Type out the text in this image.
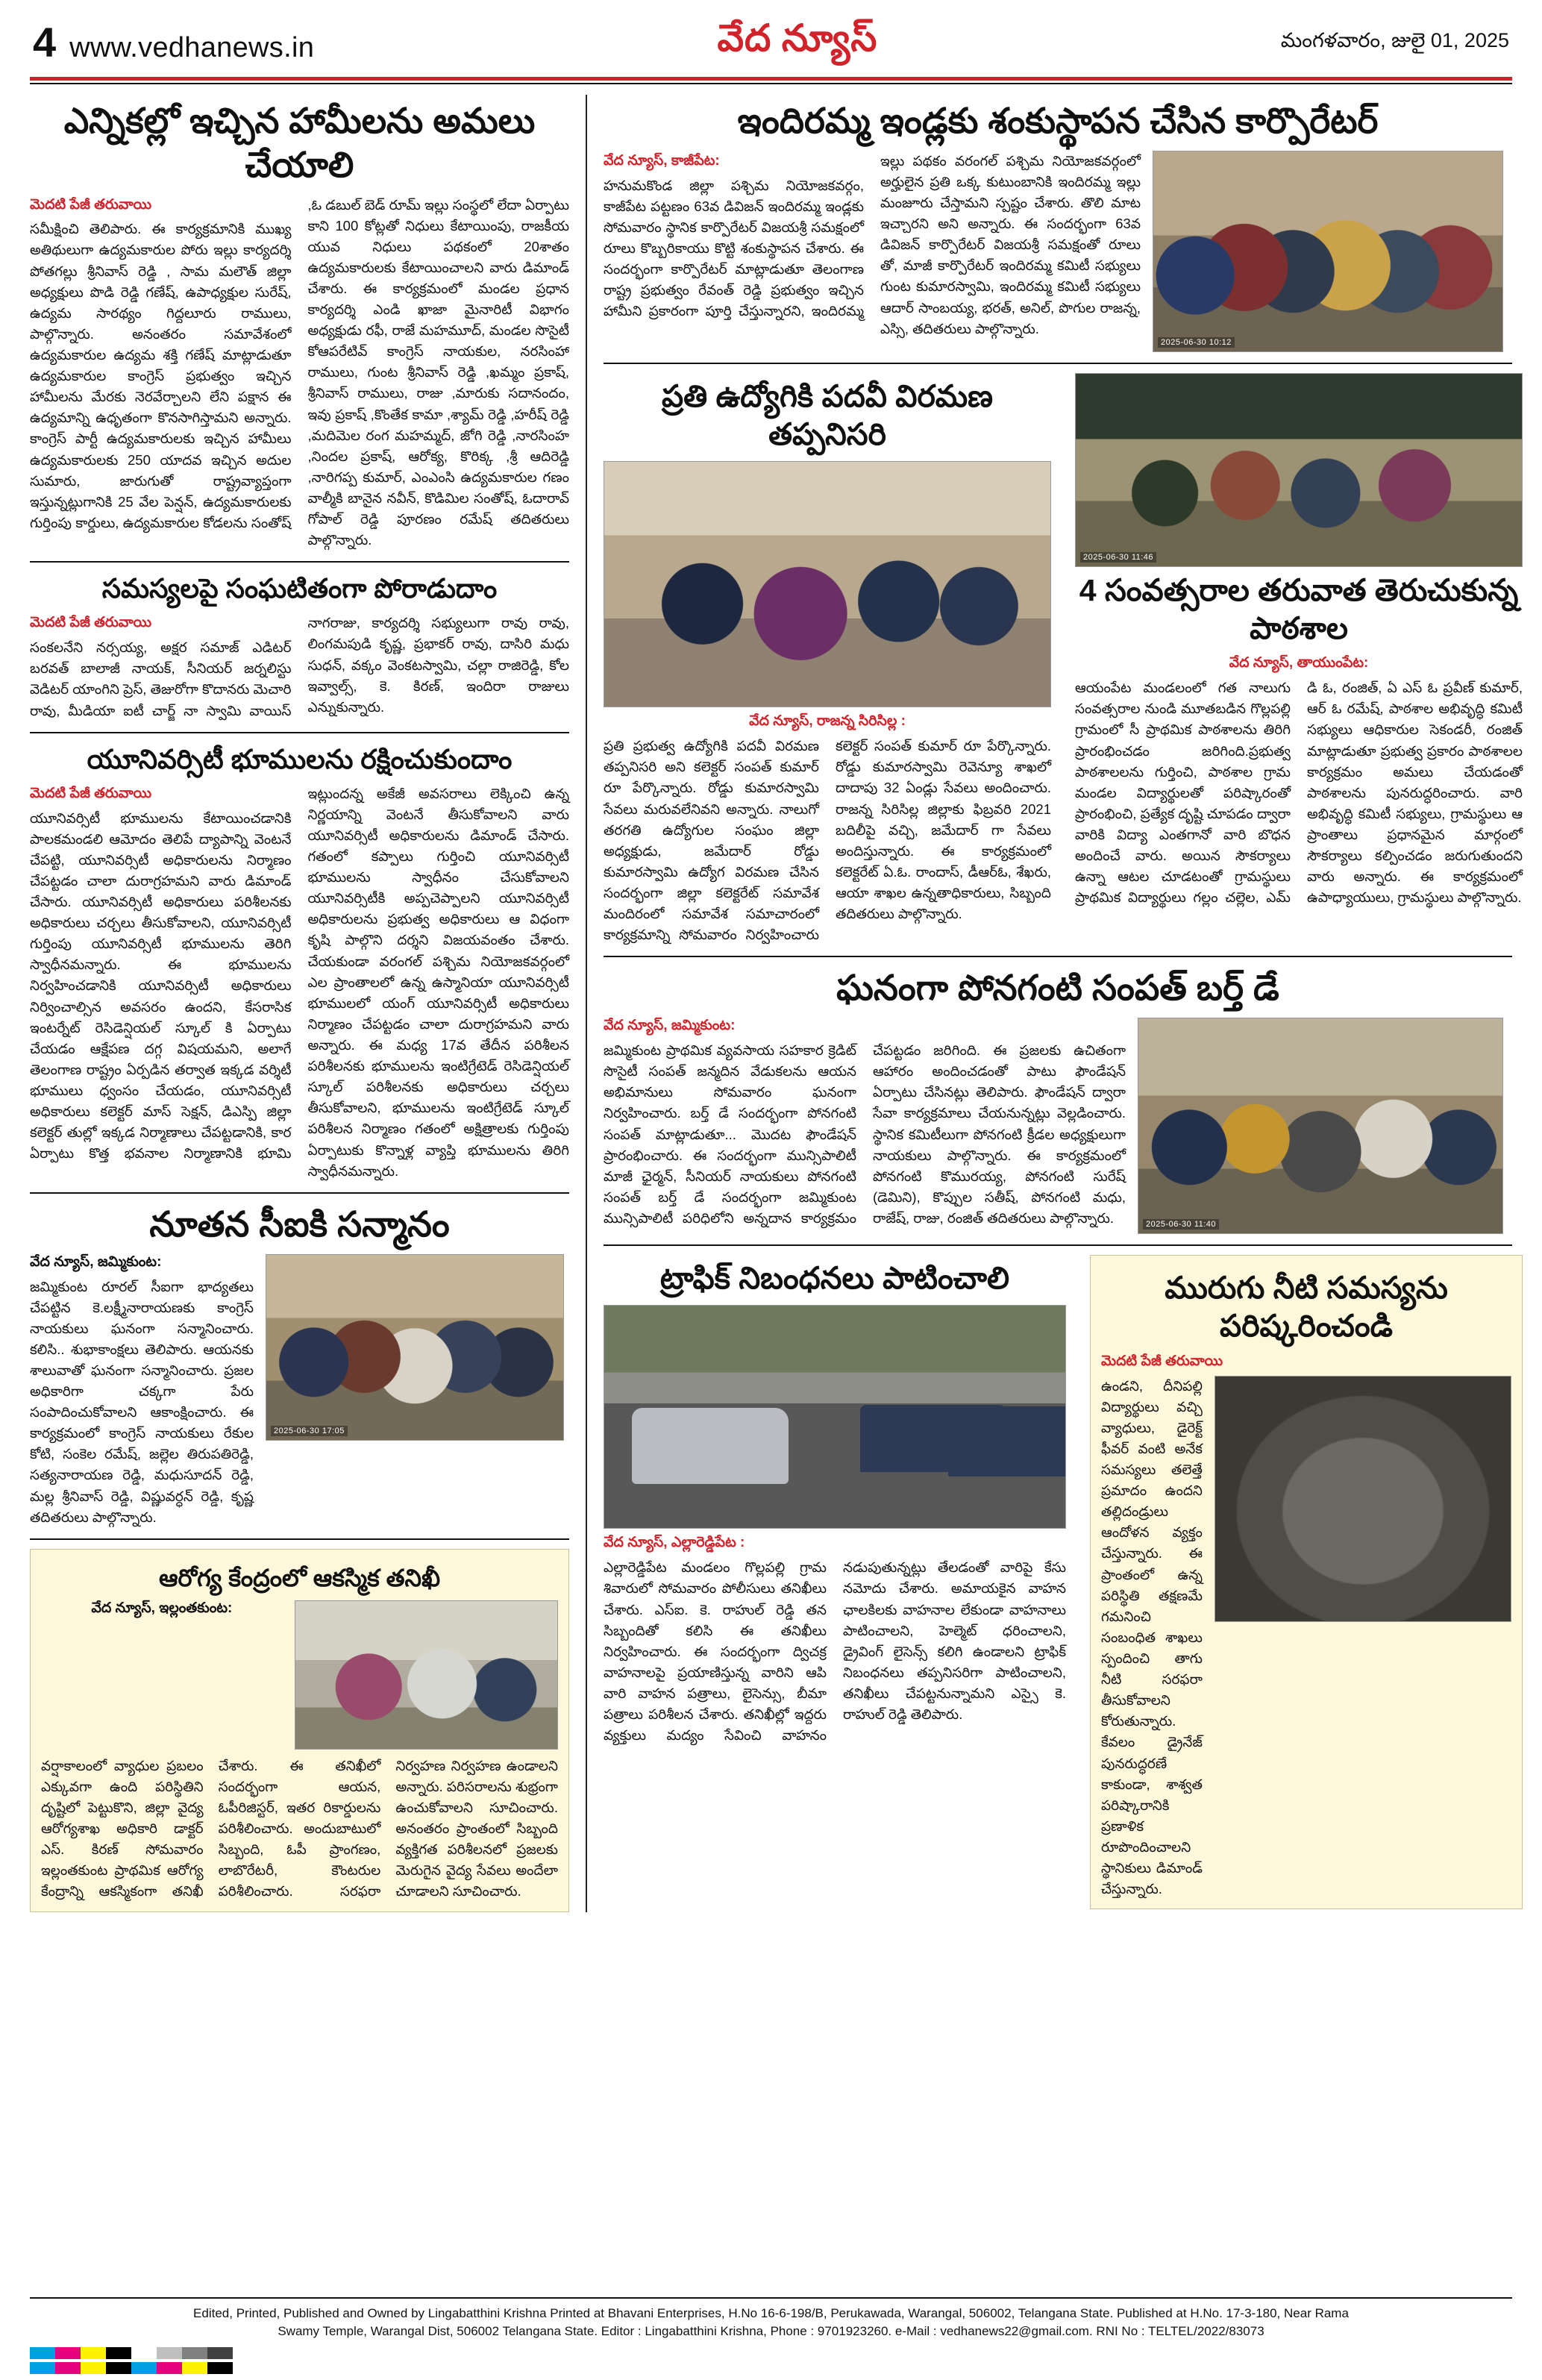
4 www.vedhanews.in	వేద న్యూస్	మంగళవారం, జులై 01, 2025
ఎన్నికల్లో ఇచ్చిన హామీలను అమలు చేయాలి
మెదటి పేజీ తరువాయి
సమీక్షించి తెలిపారు. ఈ కార్యక్రమానికి ముఖ్య అతిథులుగా ఉద్యమకారుల పోరు ఇల్లు కార్యదర్శి పోతగల్లు శ్రీనివాస్ రెడ్డి , సామ మలౌత్ జిల్లా అధ్యక్షులు పొడి రెడ్డి గణేష్, ఉపాధ్యక్షుల సురేష్, ఉద్యమ సారథ్యం గిద్దలూరు రాములు, పాల్గొన్నారు. అనంతరం సమావేశంలో ఉద్యమకారుల ఉద్యమ శక్తి గణేష్ మాట్లాడుతూ ఉద్యమకారుల కాంగ్రెస్ ప్రభుత్వం ఇచ్చిన హామీలను మేరకు నెరవేర్చాలని లేని పక్షాన ఈ ఉద్యమాన్ని ఉధృతంగా కొనసాగిస్తామని అన్నారు. కాంగ్రెస్ పార్టీ ఉద్యమకారులకు ఇచ్చిన హామీలు ఉద్యమకారులకు 250 యాదవ ఇచ్చిన అదుల సుమారు, జారుగుతో రాష్ట్రవ్యాప్తంగా ఇస్తున్నట్లుగానికి 25 వేల పెన్షన్, ఉద్యమకారులకు గుర్తింపు కార్డులు, ఉద్యమకారుల కోడలను సంతోష్ ,ఓ డబుల్ బెడ్ రూమ్ ఇల్లు సంస్థలో లేదా ఏర్పాటు కాని 100 కోట్లతో నిధులు కేటాయింపు, రాజకీయ యువ నిధులు పథకంలో 20శాతం ఉద్యమకారులకు కేటాయించాలని వారు డిమాండ్ చేశారు. ఈ కార్యక్రమంలో మండల ప్రధాన కార్యదర్శి ఎండి ఖాజా మైనారిటీ విభాగం అధ్యక్షుడు రఫీ, రాజే మహమూద్, మండల సొసైటీ కోఆపరేటివ్ కాంగ్రెస్ నాయకుల, నరసింహా రాములు, గుంట శ్రీనివాస్ రెడ్డి ,ఖమ్మం ప్రకాష్, శ్రీనివాస్ రాములు, రాజు ,మారుకు సదానందం, ఇవు ప్రకాష్ ,కొంతేక కామా ,శ్యామ్ రెడ్డి ,హరీష్ రెడ్డి ,మదిమెల రంగ మహమ్మద్, జోగి రెడ్డి ,నారసింహ ,నిందల ప్రకాష్, ఆరోక్య, కొరిక్క ,శ్రీ ఆదిరెడ్డి ,నారిగప్ప కుమార్, ఎంఎంసి ఉద్యమకారుల గణం వాల్మీకి బానైన నవీన్, కొడిమిల సంతోష్, ఓదారావ్ గోపాల్ రెడ్డి పూరణం రమేష్ తదితరులు పాల్గొన్నారు.
సమస్యలపై సంఘటితంగా పోరాడుదాం
మెదటి పేజీ తరువాయి
సంకలనేని నర్సయ్య, అక్షర సమాజ్ ఎడిటర్ బరవత్ బాలాజీ నాయక్, సీనియర్ జర్నలిస్టు వెడిటర్ యాంగిని ప్రెస్, తెజురోగా కొదానరు మెచారి రావు, మీడియా ఐటీ చార్జ్ నా స్వామి వాయిస్ నాగరాజు, కార్యదర్శి సభ్యులుగా రావు రావు, లింగమపుడి కృష్ణ, ప్రభాకర్ రావు, దాసిరి మధు సుధన్, వక్కం వెంకటస్వామి, చల్లా రాజిరెడ్డి, కోల ఇవ్వాల్స్, కె. కిరణ్, ఇందిరా రాజులు ఎన్నుకున్నారు.
యూనివర్సిటీ భూములను రక్షించుకుందాం
మెదటి పేజీ తరువాయి
యూనివర్సిటీ భూములను కేటాయించడానికి పాలకమండలి ఆమోదం తెలిపే ద్యాపాన్ని వెంటనే చేపట్టి, యూనివర్సిటీ అధికారులను నిర్మాణం చేపట్టడం చాలా దురాగ్రహమని వారు డిమాండ్ చేసారు. యూనివర్సిటీ అధికారులు పరిశీలనకు అధికారులు చర్చలు తీసుకోవాలని, యూనివర్సిటీ గుర్తింపు యూనివర్సిటీ భూములను తెరిగి స్వాధీనమన్నారు. ఈ భూములను నిర్వహించడానికి యూనివర్సిటీ అధికారులు నిర్వించాల్సిన అవసరం ఉందని, కేసరాసిక ఇంటర్నేట్ రెసిడెన్షియల్ స్కూల్ కి ఏర్పాటు చేయడం ఆక్షేపణ దగ్గ విషయమని, అలాగే తెలంగాణ రాష్ట్రం ఏర్పడిన తర్వాత ఇక్కడ వర్శిటీ భూములు ధ్వంసం చేయడం, యూనివర్సిటీ అధికారులు కలెక్టర్ మాస్ సెక్షన్, డిఎస్పి జిల్లా కలెక్టర్ తుల్లో ఇక్కడ నిర్మాణాలు చేపట్టడానికి, కార ఏర్పాటు కొత్త భవనాల నిర్మాణానికి భూమి ఇట్లుందన్న అకేజీ అవసరాలు లెక్కించి ఉన్న నిర్ణయాన్ని వెంటనే తీసుకోవాలని వారు యూనివర్సిటీ అధికారులను డిమాండ్ చేసారు. గతంలో కప్పాలు గుర్తించి యూనివర్సిటీ భూములను స్వాధీనం చేసుకోవాలని యూనివర్సిటీకి అప్పచెప్పాలని యూనివర్సిటీ అధికారులను ప్రభుత్వ అధికారులు ఆ విధంగా కృషి పాల్గొని దర్శని విజయవంతం చేశారు. చేయకుండా వరంగల్ పశ్చిమ నియోజకవర్గంలో ఎల ప్రాంతాలలో ఉన్న ఉస్మానియా యూనివర్సిటీ భూములలో యంగ్ యూనివర్సిటీ అధికారులు నిర్మాణం చేపట్టడం చాలా దురాగ్రహమని వారు అన్నారు. ఈ మధ్య 17వ తేదీన పరిశీలన పరిశీలనకు భూములను ఇంటిగ్రేటెడ్ రెసిడెన్షియల్ స్కూల్ పరిశీలనకు అధికారులు చర్చలు తీసుకోవాలని, భూములను ఇంటిగ్రేటెడ్ స్కూల్ పరిశీలన నిర్మాణం గతంలో అక్షిత్రాలకు గుర్తింపు ఏర్పాటుకు కొన్నాళ్ల వ్యాప్తి భూములను తిరిగి స్వాధీనమన్నారు.
నూతన సీఐకి సన్మానం
వేద న్యూస్, జమ్మికుంట:
జమ్మికుంట రూరల్ సీఐగా భాద్యతలు చేపట్టిన కె.లక్ష్మీనారాయణకు కాంగ్రెస్ నాయకులు ఘనంగా సన్మానించారు. కలిసి.. శుభాకాంక్షలు తెలిపారు. ఆయనకు శాలువాతో ఘనంగా సన్మానించారు. ప్రజల అధికారిగా చక్కగా పేరు సంపాదించుకోవాలని ఆకాంక్షించారు. ఈ కార్యక్రమంలో కాంగ్రెస్ నాయకులు రేకుల కోటి, సంకెల రమేష్, జల్లెల తిరుపతిరెడ్డి, సత్యనారాయణ రెడ్డి, మధుసూదన్ రెడ్డి, మల్ల శ్రీనివాస్ రెడ్డి, విష్ణువర్ధన్ రెడ్డి, కృష్ణ తదితరులు పాల్గొన్నారు.
2025-06-30 17:05
ఆరోగ్య కేంద్రంలో ఆకస్మిక తనిఖీ
వేద న్యూస్, ఇల్లంతకుంట:
వర్షాకాలంలో వ్యాధుల ప్రబలం ఎక్కువగా ఉంది పరిస్థితిని దృష్టిలో పెట్టుకొని, జిల్లా వైద్య ఆరోగ్యశాఖ అధికారి డాక్టర్ ఎస్. కిరణ్ సోమవారం ఇల్లంతకుంట ప్రాథమిక ఆరోగ్య కేంద్రాన్ని ఆకస్మికంగా తనిఖీ చేశారు. ఈ తనిఖీలో సందర్భంగా ఆయన, ఓపీరిజిస్టర్, ఇతర రికార్డులను పరిశీలించారు. అందుబాటులో సిబ్బంది, ఓపీ ప్రాంగణం, లాబొరేటరీ, కౌంటరుల పరిశీలించారు. సరఫరా నిర్వహణ నిర్వహణ ఉండాలని అన్నారు. పరిసరాలను శుభ్రంగా ఉంచుకోవాలని సూచించారు. అనంతరం ప్రాంతంలో సిబ్బంది వ్యక్తిగత పరిశీలనలో ప్రజలకు మెరుగైన వైద్య సేవలు అందేలా చూడాలని సూచించారు.
ఇందిరమ్మ ఇండ్లకు శంకుస్థాపన చేసిన కార్పొరేటర్
వేద న్యూస్, కాజీపేట:
హనుమకొండ జిల్లా పశ్చిమ నియోజకవర్గం, కాజీపేట పట్టణం 63వ డివిజన్ ఇందిరమ్మ ఇండ్లకు సోమవారం స్థానిక కార్పొరేటర్ విజయశ్రీ సమక్షంలో రూలు కొబ్బరికాయు కొట్టి శంకుస్థాపన చేశారు. ఈ సందర్భంగా కార్పొరేటర్ మాట్లాడుతూ తెలంగాణ రాష్ట్ర ప్రభుత్వం రేవంత్ రెడ్డి ప్రభుత్వం ఇచ్చిన హామీని ప్రకారంగా పూర్తి చేస్తున్నారని, ఇందిరమ్మ ఇల్లు పథకం వరంగల్ పశ్చిమ నియోజకవర్గంలో అర్హులైన ప్రతి ఒక్క కుటుంబానికి ఇందిరమ్మ ఇల్లు మంజూరు చేస్తామని స్పష్టం చేశారు. తొలి మాట ఇచ్చారని అని అన్నారు. ఈ సందర్భంగా 63వ డివిజన్ కార్పొరేటర్ విజయశ్రీ సమక్షంతో రూలు తో, మాజీ కార్పొరేటర్ ఇందిరమ్మ కమిటీ సభ్యులు గుంట కుమారస్వామి, ఇందిరమ్మ కమిటీ సభ్యులు ఆదార్ సాంబయ్య, భరత్, అనిల్, పొగుల రాజన్న, ఎస్సి, తదితరులు పాల్గొన్నారు.
2025-06-30 10:12
ప్రతి ఉద్యోగికి పదవీ విరమణ తప్పనిసరి
వేద న్యూస్, రాజన్న సిరిసిల్ల :
ప్రతి ప్రభుత్వ ఉద్యోగికి పదవీ విరమణ తప్పనిసరి అని కలెక్టర్ సంపత్ కుమార్ రూ పేర్కొన్నారు. రోడ్డు కుమారస్వామి సేవలు మరువలేనివని అన్నారు. నాలుగో తరగతి ఉద్యోగుల సంఘం జిల్లా అధ్యక్షుడు, జమేదార్ రోడ్డు కుమారస్వామి ఉద్యోగ విరమణ చేసిన సందర్భంగా జిల్లా కలెక్టరేట్ సమావేశ మందిరంలో సమావేశ సమాచారంలో కార్యక్రమాన్ని సోమవారం నిర్వహించారు కలెక్టర్ సంపత్ కుమార్ రూ పేర్కొన్నారు. రోడ్డు కుమారస్వామి రెవెన్యూ శాఖలో దాదాపు 32 ఏండ్లు సేవలు అందించారు. రాజన్న సిరిసిల్ల జిల్లాకు ఫిబ్రవరి 2021 బదిలీపై వచ్చి, జమేదార్ గా సేవలు అందిస్తున్నారు. ఈ కార్యక్రమంలో కలెక్టరేట్ ఏ.ఓ. రాందాస్, డీఆర్ఓ, శేఖరు, ఆయా శాఖల ఉన్నతాధికారులు, సిబ్బంది తదితరులు పాల్గొన్నారు.
2025-06-30 11:46
4 సంవత్సరాల తరువాత తెరుచుకున్న పాఠశాల
వేద న్యూస్, తాయుంపేట:
ఆయంపేట మండలంలో గత నాలుగు సంవత్సరాల నుండి మూతబడిన గొల్లపల్లి గ్రామంలో సీ ప్రాథమిక పాఠశాలను తిరిగి ప్రారంభించడం జరిగింది.ప్రభుత్వ పాఠశాలలను గుర్తించి, పాఠశాల గ్రామ మండల విద్యార్థులతో పరిష్కారంతో ప్రారంభించి, ప్రత్యేక దృష్టి చూపడం ద్వారా వారికి విద్యా ఎంతగానో వారి బొధన అందించే వారు. అయిన సౌకర్యాలు ఉన్నా ఆటల చూడటంతో గ్రామస్థులు ప్రాథమిక విద్యార్థులు గల్లం చల్లెల, ఎమ్ డి ఓ, రంజిత్, ఏ ఎస్ ఓ ప్రవీణ్ కుమార్, ఆర్ ఓ రమేష్, పాఠశాల అభివృద్ధి కమిటీ సభ్యులు ఆధికారుల సెకండరీ, రంజిత్ మాట్లాడుతూ ప్రభుత్వ ప్రకారం పాఠశాలల కార్యక్రమం అమలు చేయడంతో పాఠశాలను పునరుద్ధరించారు. వారి అభివృద్ధి కమిటీ సభ్యులు, గ్రామస్థులు ఆ ప్రాంతాలు ప్రధానమైన మార్గంలో సౌకర్యాలు కల్పించడం జరుగుతుందని వారు అన్నారు. ఈ కార్యక్రమంలో ఉపాధ్యాయులు, గ్రామస్థులు పాల్గొన్నారు.
ఘనంగా పోనగంటి సంపత్ బర్త్ డే
వేద న్యూస్, జమ్మికుంట:
జమ్మికుంట ప్రాథమిక వ్యవసాయ సహకార క్రెడిట్ సొసైటీ సంపత్ జన్మదిన వేడుకలను ఆయన అభిమానులు సోమవారం ఘనంగా నిర్వహించారు. బర్త్ డే సందర్భంగా పోనగంటి సంపత్ మాట్లాడుతూ... మొదట ఫౌండేషన్ ప్రారంభించారు. ఈ సందర్భంగా మున్సిపాలిటీ మాజీ ఛైర్మన్, సీనియర్ నాయకులు పోనగంటి సంపత్ బర్త్ డే సందర్భంగా జమ్మికుంట మున్సిపాలిటీ పరిధిలోని అన్నదాన కార్యక్రమం చేపట్టడం జరిగింది. ఈ ప్రజలకు ఉచితంగా ఆహారం అందించడంతో పాటు ఫౌండేషన్ ఏర్పాటు చేసినట్లు తెలిపారు. ఫౌండేషన్ ద్వారా సేవా కార్యక్రమాలు చేయనున్నట్లు వెల్లడించారు. స్థానిక కమిటీలుగా పోనగంటి క్రీడల అధ్యక్షులుగా నాయకులు పాల్గొన్నారు. ఈ కార్యక్రమంలో పోనగంటి కొమురయ్య, పోనగంటి సురేష్ (డెమిని), కొప్పుల సతీష్, పోనగంటి మధు, రాజేష్, రాజు, రంజిత్ తదితరులు పాల్గొన్నారు.	2025-06-30 11:40
ట్రాఫిక్ నిబంధనలు పాటించాలి
వేద న్యూస్, ఎల్లారెడ్డిపేట :
ఎల్లారెడ్డిపేట మండలం గొల్లపల్లి గ్రామ శివారులో సోమవారం పోలీసులు తనిఖీలు చేశారు. ఎస్ఐ. కె. రాహుల్ రెడ్డి తన సిబ్బందితో కలిసి ఈ తనిఖీలు నిర్వహించారు. ఈ సందర్భంగా ద్విచక్ర వాహనాలపై ప్రయాణిస్తున్న వారిని ఆపి వారి వాహన పత్రాలు, లైసెన్సు, బీమా పత్రాలు పరిశీలన చేశారు. తనిఖీల్లో ఇద్దరు వ్యక్తులు మద్యం సేవించి వాహనం నడుపుతున్నట్లు తేలడంతో వారిపై కేసు నమోదు చేశారు. అమాయకైన వాహన ఛాలకిలకు వాహనాల లేకుండా వాహనాలు పాటించాలని, హెల్మెట్ ధరించాలని, డ్రైవింగ్ లైసెన్స్ కలిగి ఉండాలని ట్రాఫిక్ నిబంధనలు తప్పనిసరిగా పాటించాలని, తనిఖీలు చేపట్టనున్నామని ఎస్సై కె. రాహుల్ రెడ్డి తెలిపారు.
మురుగు నీటి సమస్యను పరిష్కరించండి
మెదటి పేజీ తరువాయి
ఉండని, దీనిపల్లి విద్యార్థులు వచ్చి వ్యాధులు, డైరెక్ట్ ఫీవర్ వంటి అనేక సమస్యలు తలెత్తే ప్రమాదం ఉందని తల్లిదండ్రులు ఆందోళన వ్యక్తం చేస్తున్నారు. ఈ ప్రాంతంలో ఉన్న పరిస్థితి తక్షణమే గమనించి సంబంధిత శాఖలు స్పందించి తాగు నీటి సరఫరా తీసుకోవాలని కోరుతున్నారు. కేవలం డ్రైనేజ్ పునరుద్ధరణే కాకుండా, శాశ్వత పరిష్కారానికి ప్రణాళిక రూపొందించాలని స్థానికులు డిమాండ్ చేస్తున్నారు.
Edited, Printed, Published and Owned by Lingabatthini Krishna Printed at Bhavani Enterprises, H.No 16-6-198/B, Perukawada, Warangal, 506002, Telangana State. Published at H.No. 17-3-180, Near Rama
Swamy Temple, Warangal Dist, 506002 Telangana State. Editor : Lingabatthini Krishna, Phone : 9701923260. e-Mail : vedhanews22@gmail.com. RNI No : TELTEL/2022/83073
